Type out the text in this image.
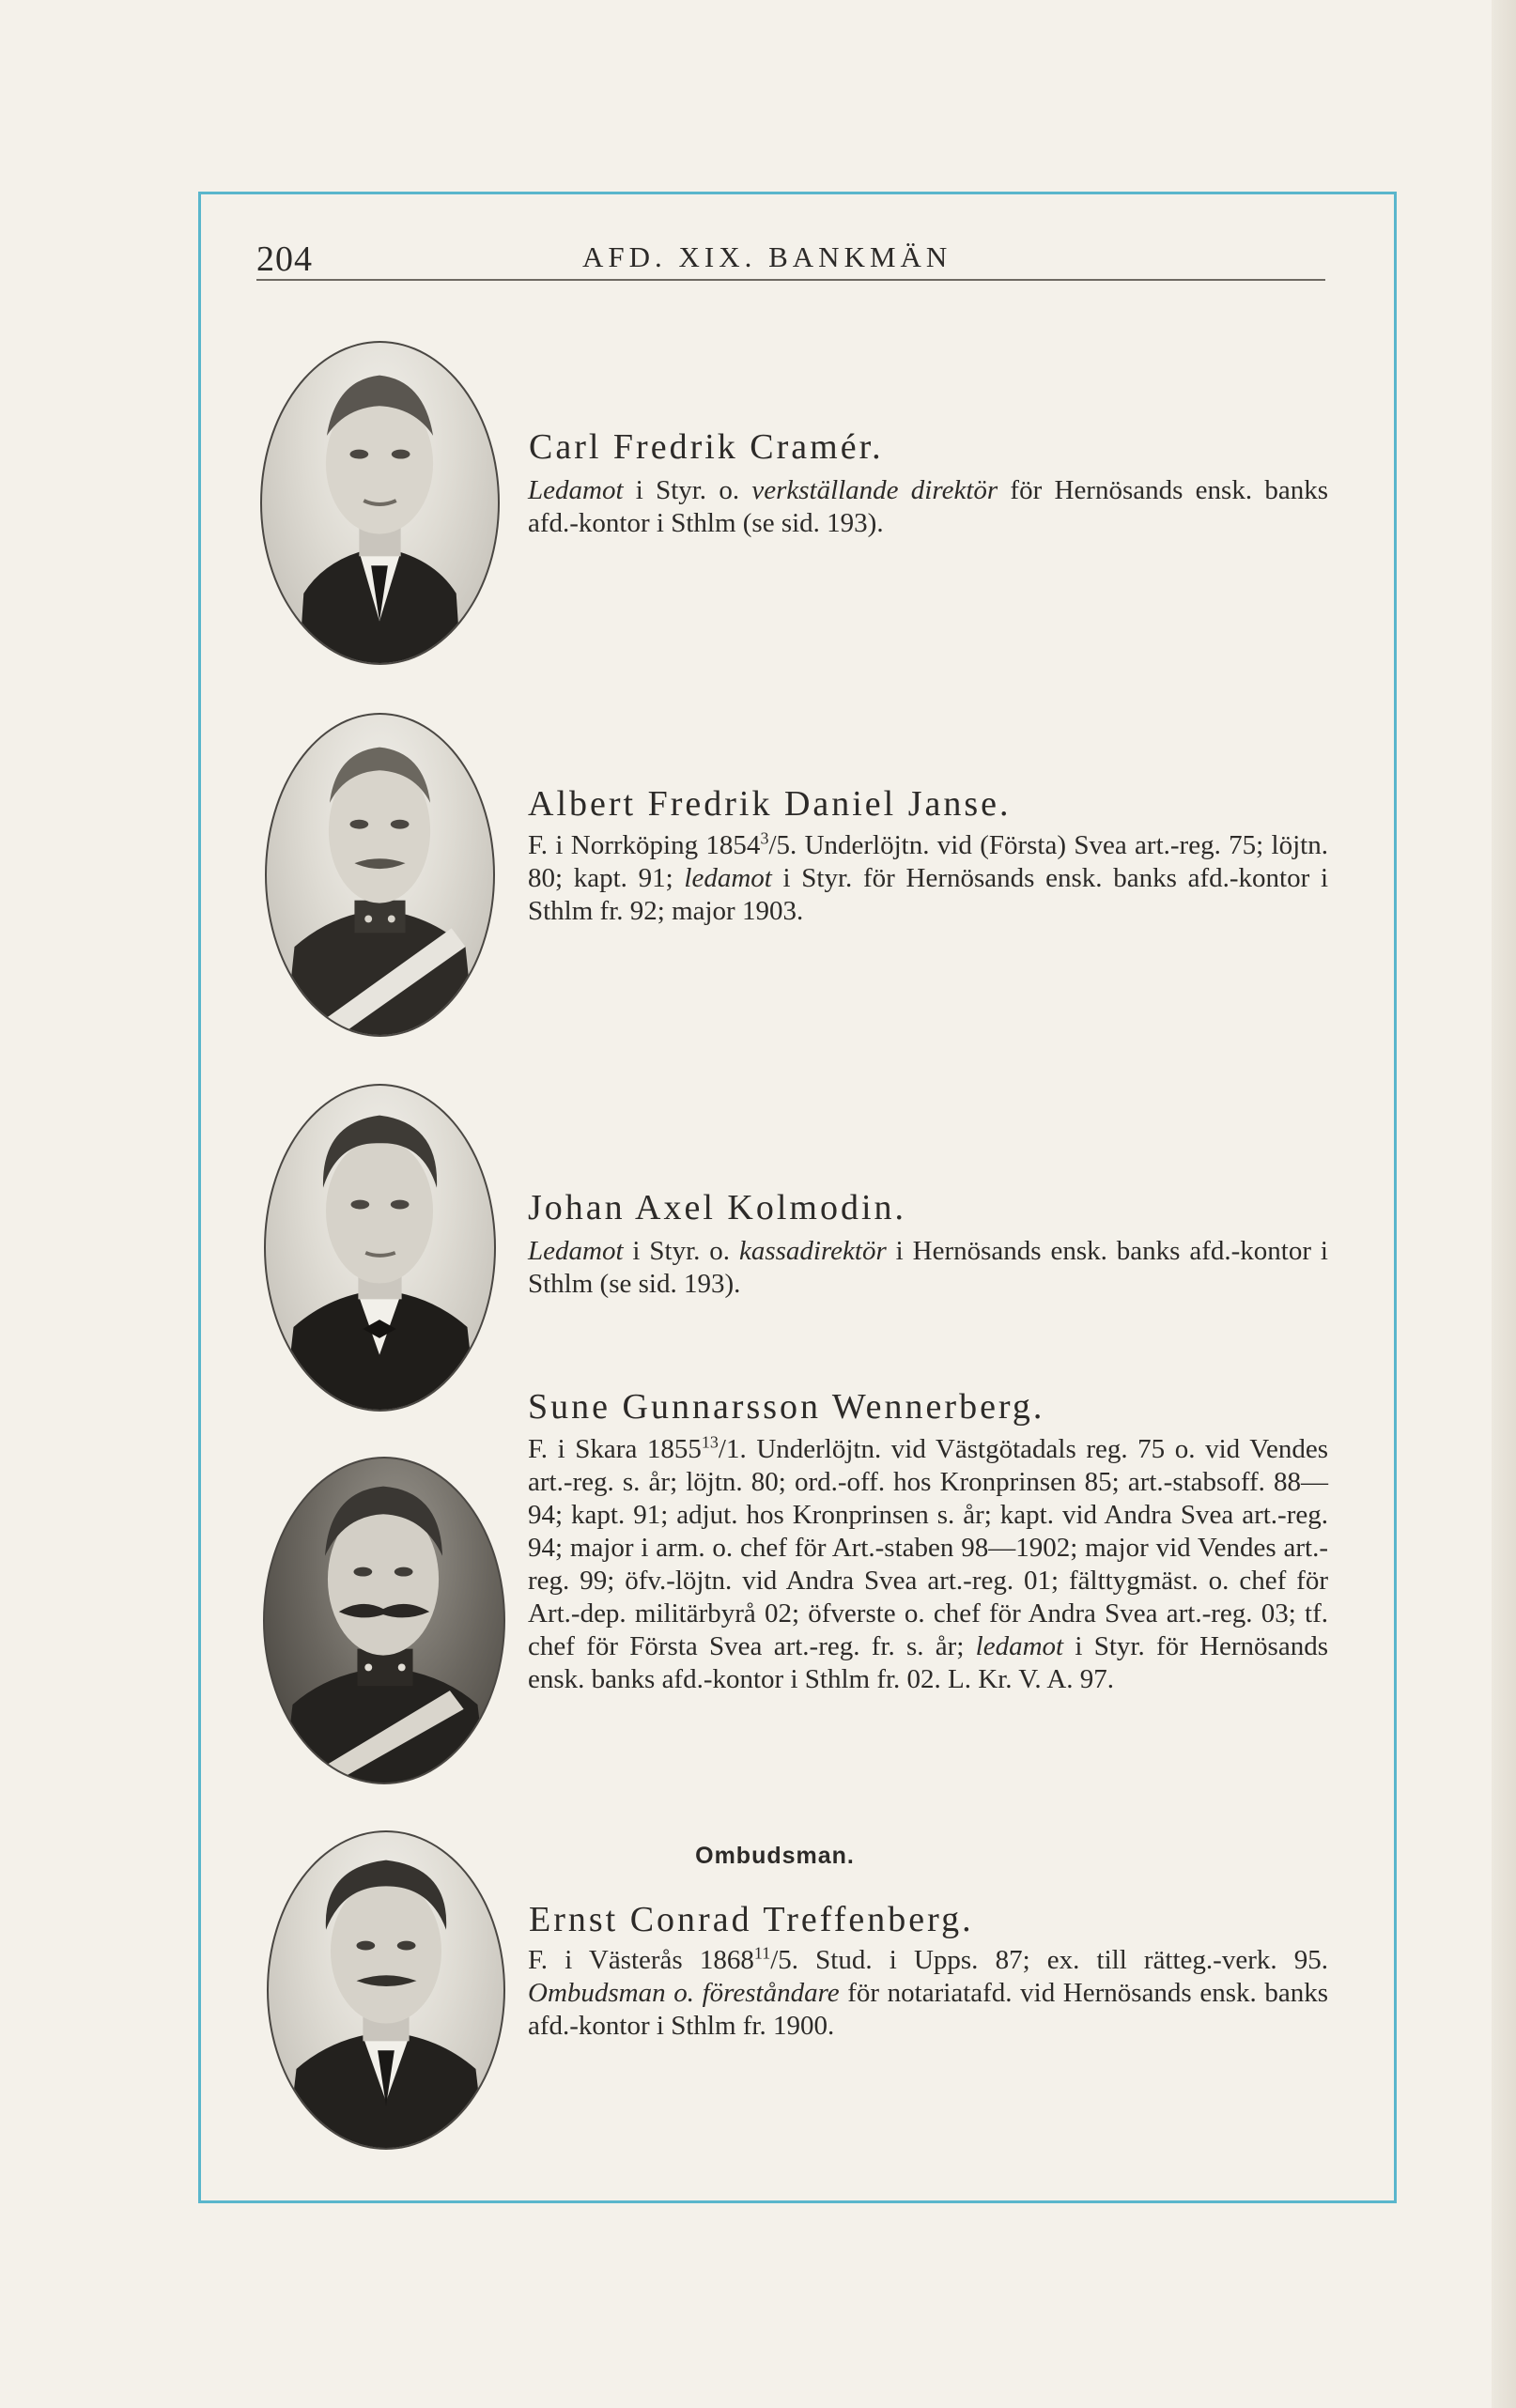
204	AFD. XIX. BANKMÄN
Carl Fredrik Cramér.
Ledamot i Styr. o. verkställande direktör för Hernösands ensk. banks afd.-kontor i Sthlm (se sid. 193).
Albert Fredrik Daniel Janse.
F. i Norrköping 1854$^3$/5. Underlöjtn. vid (Första) Svea art.-reg. 75; löjtn. 80; kapt. 91; ledamot i Styr. för Hernösands ensk. banks afd.-kontor i Sthlm fr. 92; major 1903.
Johan Axel Kolmodin.
Ledamot i Styr. o. kassadirektör i Hernösands ensk. banks afd.-kontor i Sthlm (se sid. 193).
Sune Gunnarsson Wennerberg.
F. i Skara 1855$^{13}$/1. Underlöjtn. vid Västgötadals reg. 75 o. vid Vendes art.-reg. s. år; löjtn. 80; ord.-off. hos Kronprinsen 85; art.-stabsoff. 88—94; kapt. 91; adjut. hos Kronprinsen s. år; kapt. vid Andra Svea art.-reg. 94; major i arm. o. chef för Art.-staben 98—1902; major vid Vendes art.-reg. 99; öfv.-löjtn. vid Andra Svea art.-reg. 01; fälttygmäst. o. chef för Art.-dep. militärbyrå 02; öfverste o. chef för Andra Svea art.-reg. 03; tf. chef för Första Svea art.-reg. fr. s. år; ledamot i Styr. för Hernösands ensk. banks afd.-kontor i Sthlm fr. 02. L. Kr. V. A. 97.
Ombudsman.
Ernst Conrad Treffenberg.
F. i Västerås 1868$^{11}$/5. Stud. i Upps. 87; ex. till rätteg.-verk. 95. Ombudsman o. föreståndare för notariatafd. vid Hernösands ensk. banks afd.-kontor i Sthlm fr. 1900.
